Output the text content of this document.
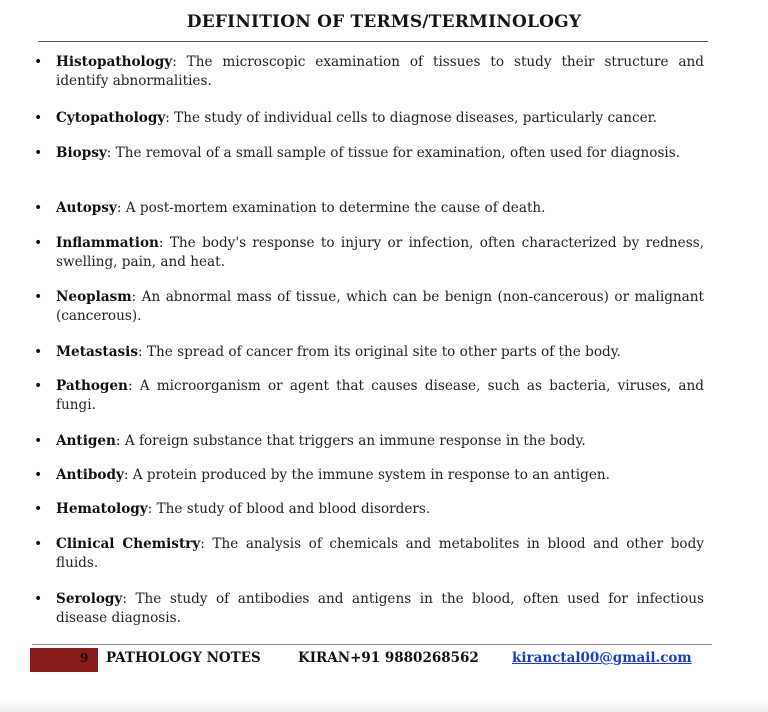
DEFINITION OF TERMS/TERMINOLOGY
• Histopathology: The microscopic examination of tissues to study their structure and identify abnormalities.
• Cytopathology: The study of individual cells to diagnose diseases, particularly cancer.
• Biopsy: The removal of a small sample of tissue for examination, often used for diagnosis.
• Autopsy: A post-mortem examination to determine the cause of death.
• Inflammation: The body's response to injury or infection, often characterized by redness, swelling, pain, and heat.
• Neoplasm: An abnormal mass of tissue, which can be benign (non-cancerous) or malignant (cancerous).
• Metastasis: The spread of cancer from its original site to other parts of the body.
• Pathogen: A microorganism or agent that causes disease, such as bacteria, viruses, and fungi.
• Antigen: A foreign substance that triggers an immune response in the body.
• Antibody: A protein produced by the immune system in response to an antigen.
• Hematology: The study of blood and blood disorders.
• Clinical Chemistry: The analysis of chemicals and metabolites in blood and other body fluids.
• Serology: The study of antibodies and antigens in the blood, often used for infectious disease diagnosis.
9 PATHOLOGY NOTES	KIRAN+91 9880268562 kiranctal00@gmail.com
